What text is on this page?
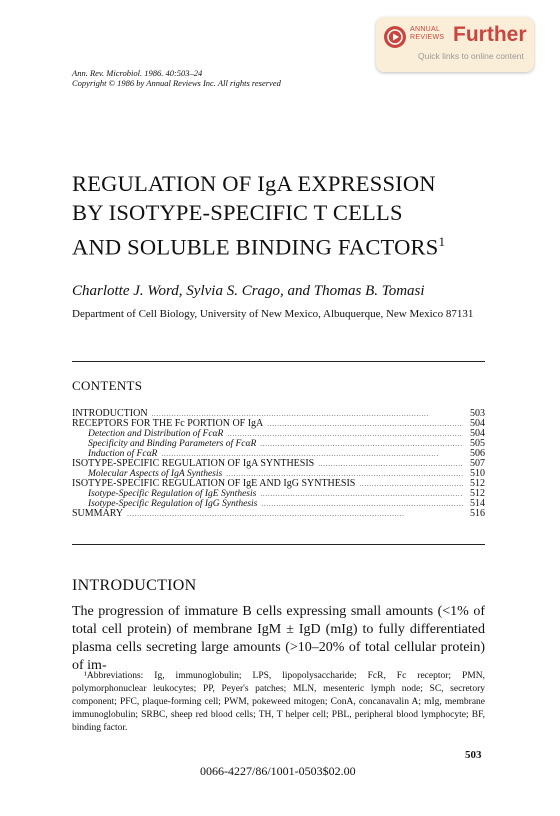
ANNUAL
REVIEWS Further
Quick links to online content
Ann. Rev. Microbiol. 1986. 40:503–24
Copyright © 1986 by Annual Reviews Inc. All rights reserved
REGULATION OF IgA EXPRESSION
BY ISOTYPE-SPECIFIC T CELLS
AND SOLUBLE BINDING FACTORS$^1$
Charlotte J. Word, Sylvia S. Crago, and Thomas B. Tomasi
Department of Cell Biology, University of New Mexico, Albuquerque, New Mexico 87131
CONTENTS
INTRODUCTION . . .	503
RECEPTORS FOR THE Fc PORTION OF IgA . . .	504
Detection and Distribution of FcαR . . .	504
Specificity and Binding Parameters of FcαR . . .	505
Induction of FcαR . . .	506
ISOTYPE-SPECIFIC REGULATION OF IgA SYNTHESIS . . .	507
Molecular Aspects of IgA Synthesis . . .	510
ISOTYPE-SPECIFIC REGULATION OF IgE AND IgG SYNTHESIS . . .	512
Isotype-Specific Regulation of IgE Synthesis . . .	512
Isotype-Specific Regulation of IgG Synthesis . . .	514
SUMMARY . . .	516
INTRODUCTION
The progression of immature B cells expressing small amounts (<1% of total cell protein) of membrane IgM ± IgD (mIg) to fully differentiated plasma cells secreting large amounts (>10–20% of total cellular protein) of im-
¹Abbreviations: Ig, immunoglobulin; LPS, lipopolysaccharide; FcR, Fc receptor; PMN, polymorphonuclear leukocytes; PP, Peyer's patches; MLN, mesenteric lymph node; SC, secretory component; PFC, plaque-forming cell; PWM, pokeweed mitogen; ConA, concanavalin A; mIg, membrane immunoglobulin; SRBC, sheep red blood cells; TH, T helper cell; PBL, peripheral blood lymphocyte; BF, binding factor.
503
0066-4227/86/1001-0503$02.00
